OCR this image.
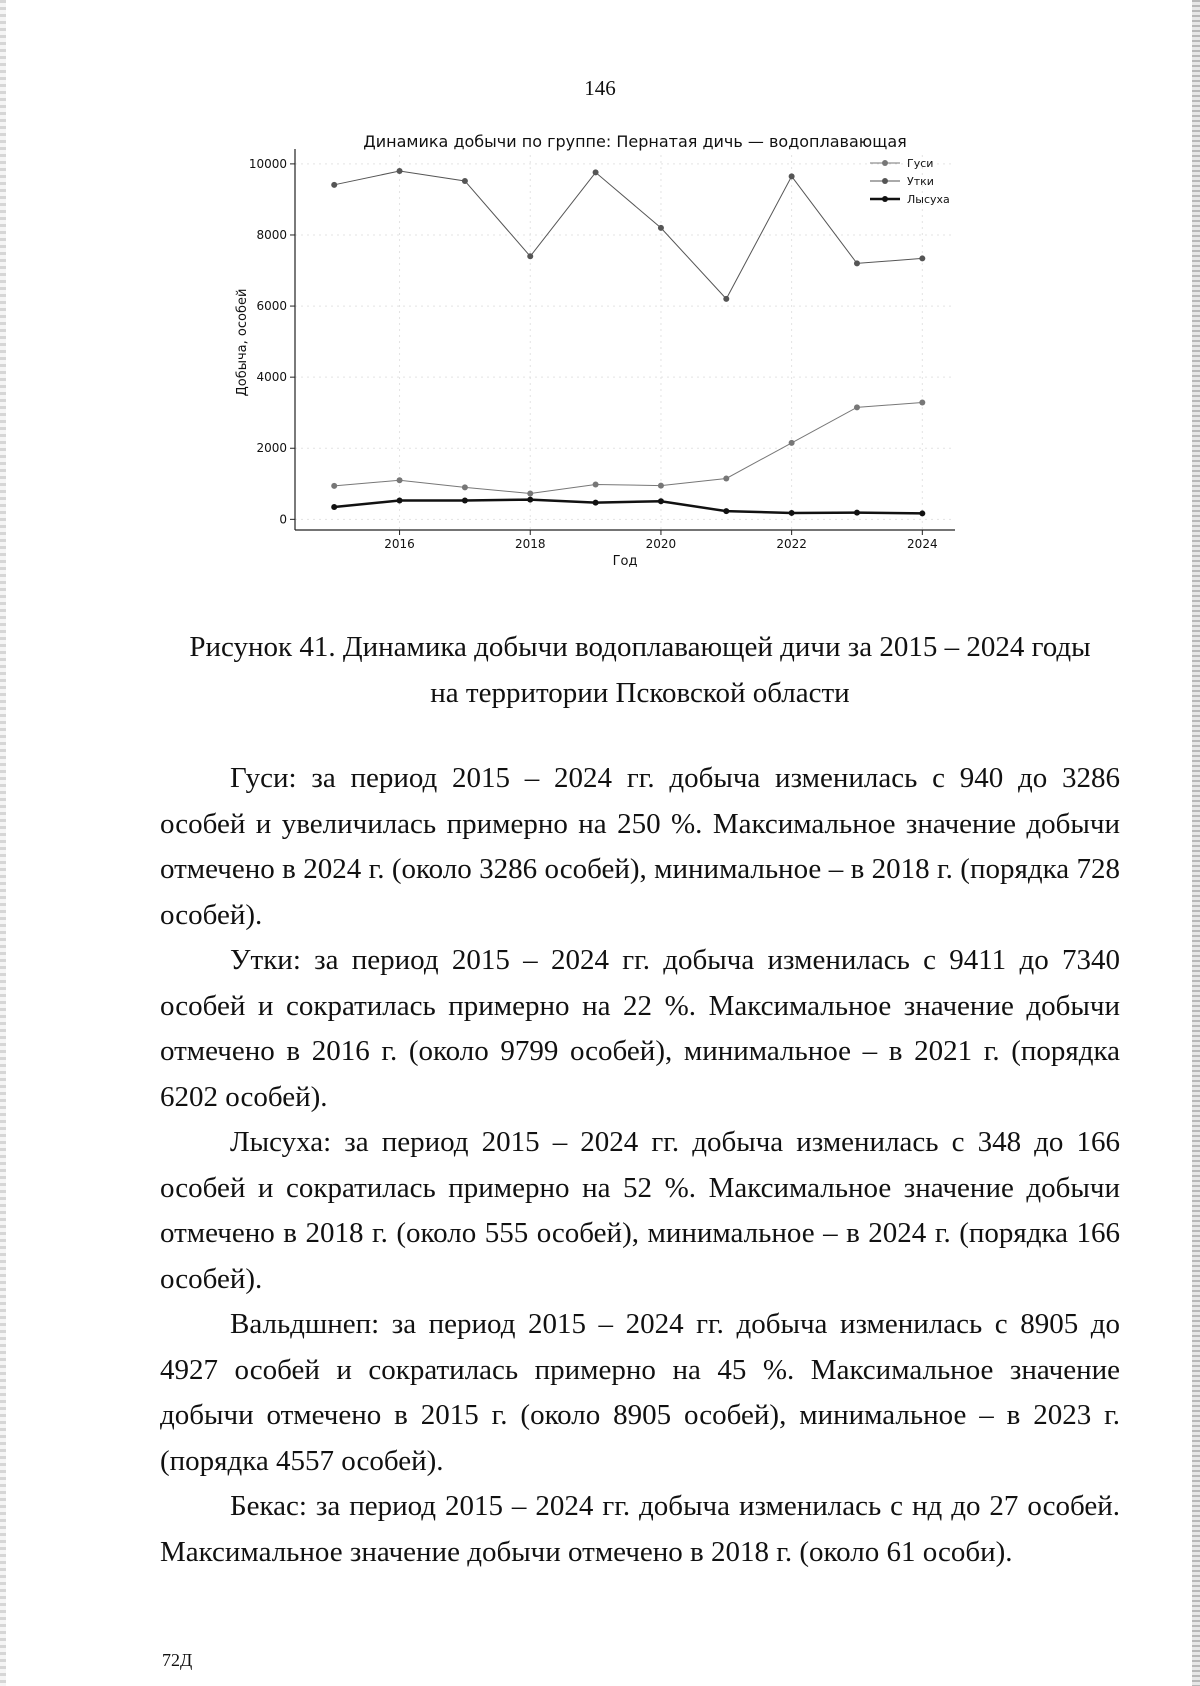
146
0
2000
4000
6000
8000
10000
2016	2018	2020	2022	2024
Динамика добычи по группе: Пернатая дичь — водоплавающая
Год
Добыча, особей
Гуси
Утки
Лысуха
Рисунок 41. Динамика добычи водоплавающей дичи за 2015 – 2024 годы
на территории Псковской области

Гуси: за период 2015 – 2024 гг. добыча изменилась с 940 до 3286 особей и увеличилась примерно на 250 %. Максимальное значение добычи отмечено в 2024 г. (около 3286 особей), минимальное – в 2018 г. (порядка 728 особей).

Утки: за период 2015 – 2024 гг. добыча изменилась с 9411 до 7340 особей и сократилась примерно на 22 %. Максимальное значение добычи отмечено в 2016 г. (около 9799 особей), минимальное – в 2021 г. (порядка 6202 особей).

Лысуха: за период 2015 – 2024 гг. добыча изменилась с 348 до 166 особей и сократилась примерно на 52 %. Максимальное значение добычи отмечено в 2018 г. (около 555 особей), минимальное – в 2024 г. (порядка 166 особей).

Вальдшнеп: за период 2015 – 2024 гг. добыча изменилась с 8905 до 4927 особей и сократилась примерно на 45 %. Максимальное значение добычи отмечено в 2015 г. (около 8905 особей), минимальное – в 2023 г. (порядка 4557 особей).

Бекас: за период 2015 – 2024 гг. добыча изменилась с нд до 27 особей. Максимальное значение добычи отмечено в 2018 г. (около 61 особи).

72Д
